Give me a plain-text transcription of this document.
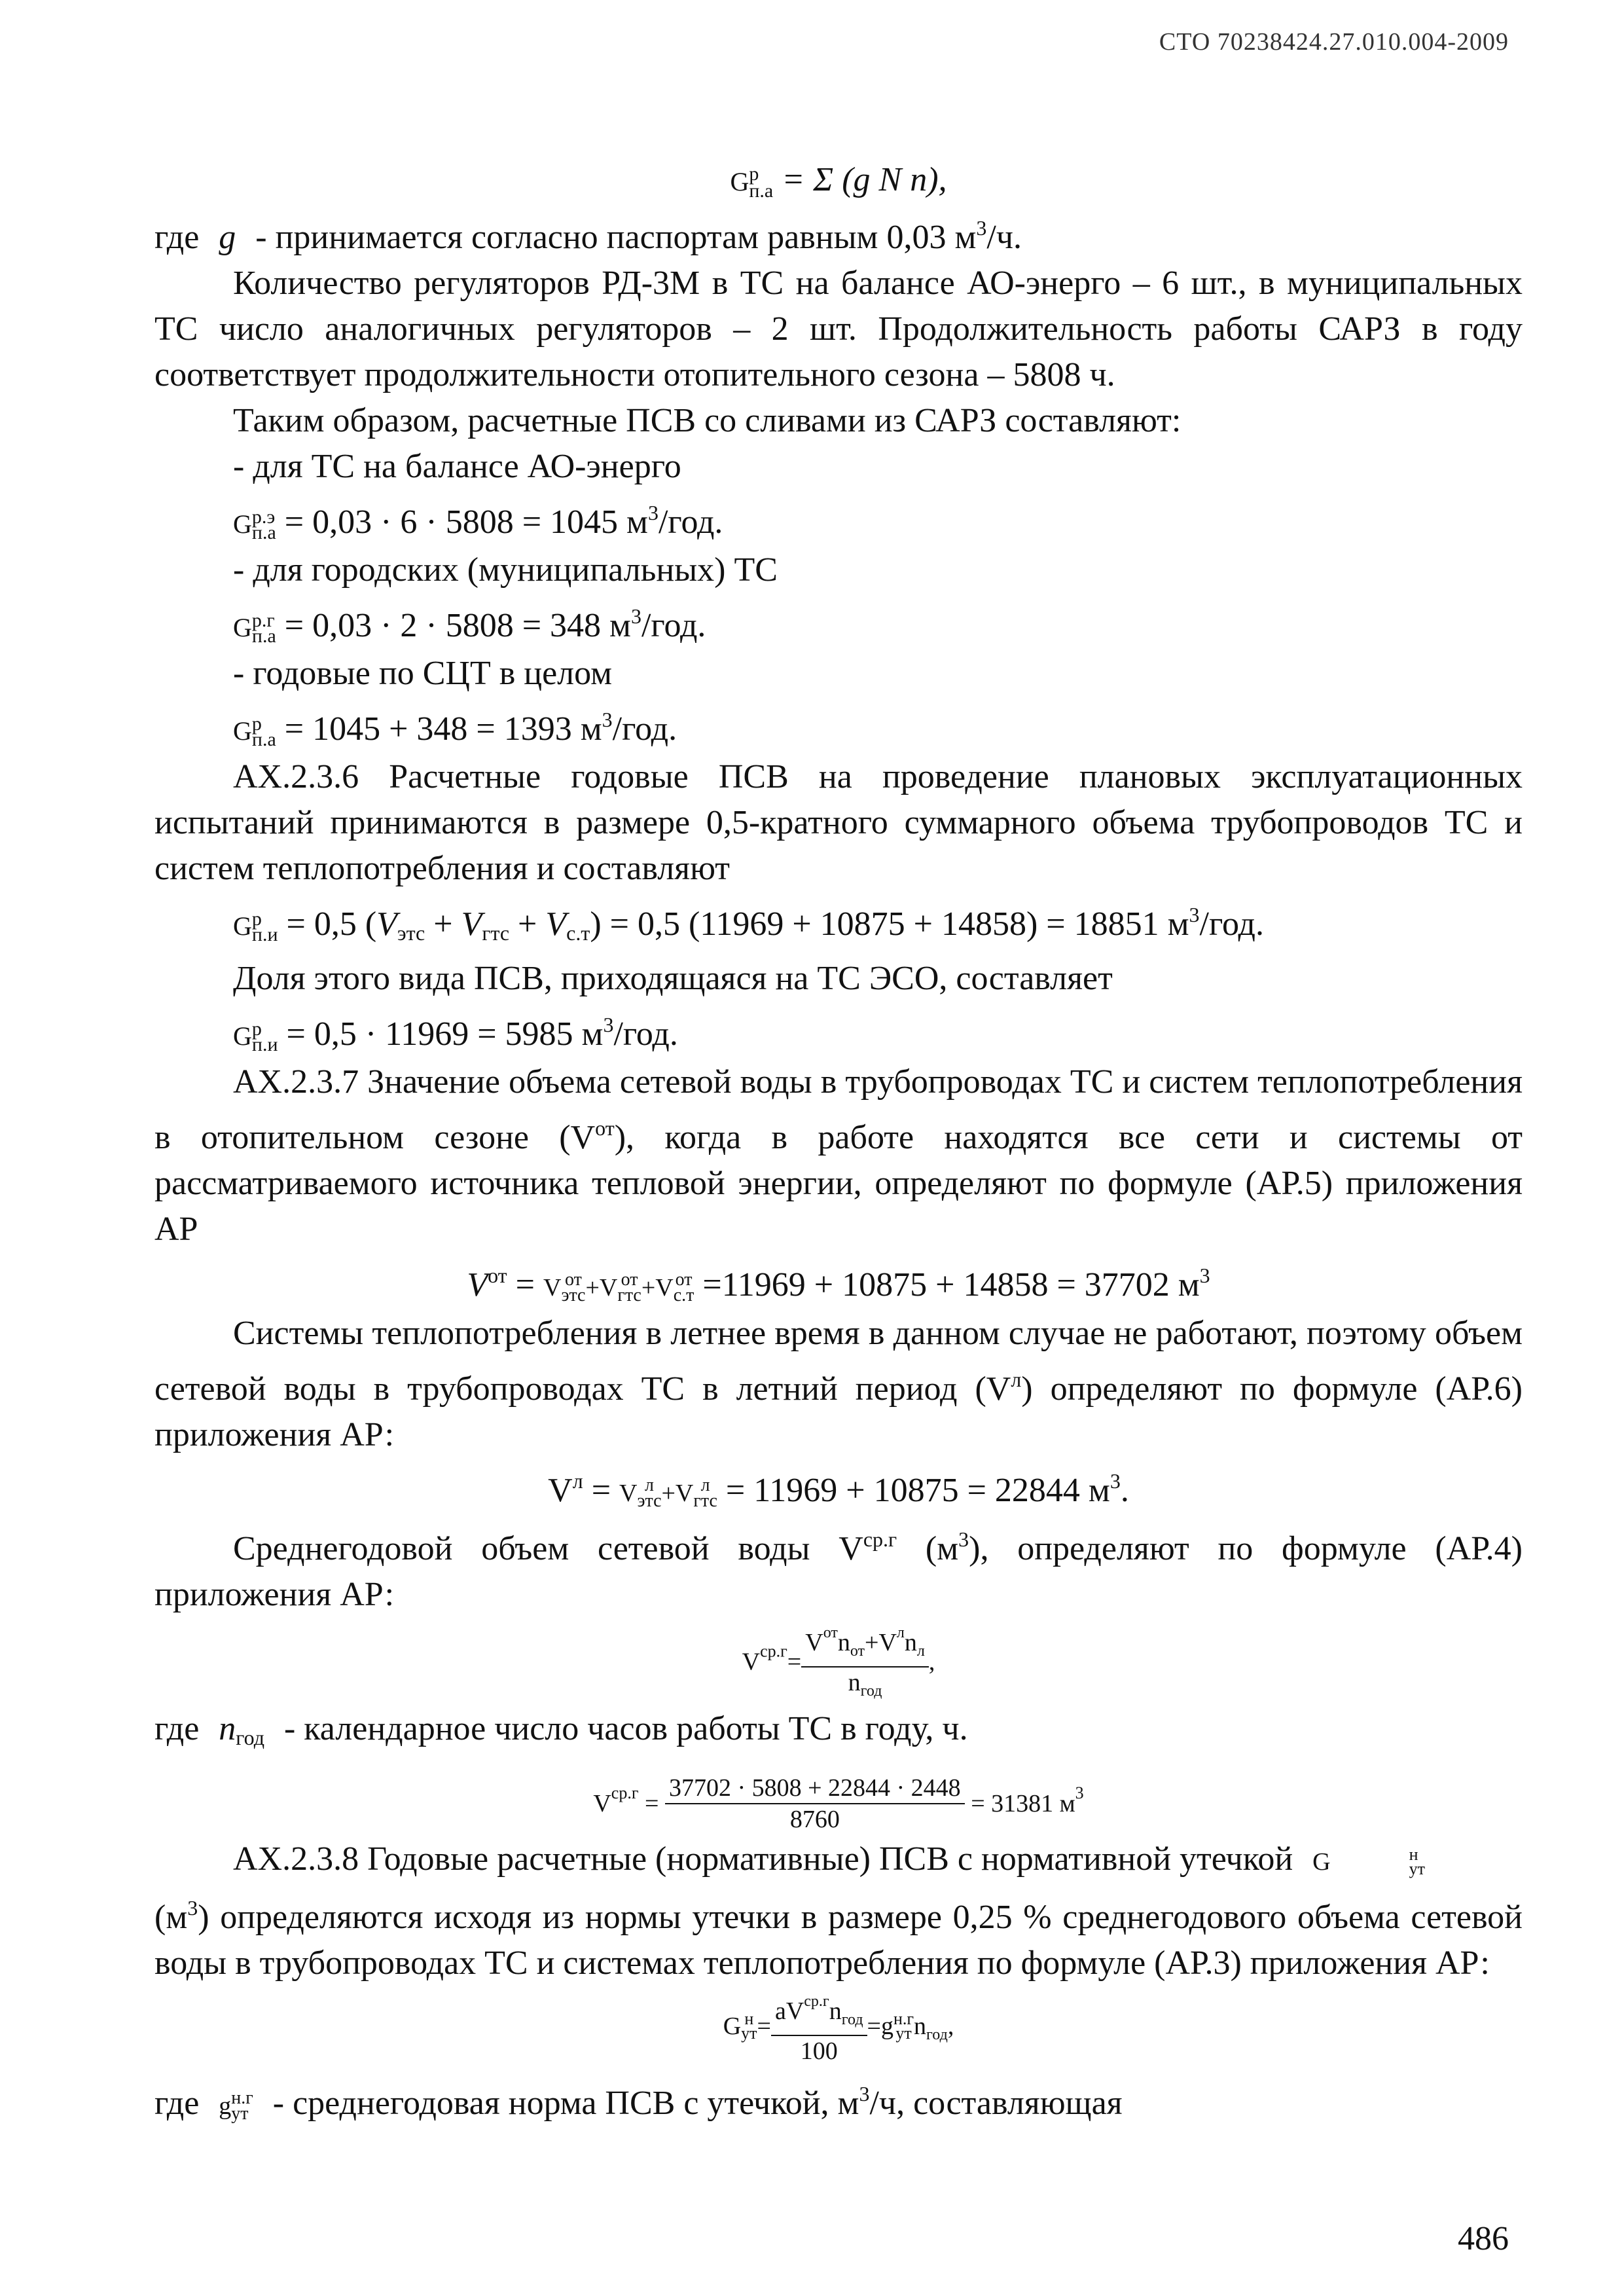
СТО 70238424.27.010.004-2009

G р
п.а = Σ (g N n),

где g - принимается согласно паспортам равным 0,03 $м^3/ч$.

Количество регуляторов РД-3М в ТС на балансе АО-энерго – 6 шт., в муниципальных ТС число аналогичных регуляторов – 2 шт. Продолжительность работы САРЗ в году соответствует продолжительности отопительного сезона – 5808 ч.

Таким образом, расчетные ПСВ со сливами из САРЗ составляют:

- для ТС на балансе АО-энерго

G р.э
п.а = 0,03 · 6 · 5808 = 1045 $м^3$/год.

- для городских (муниципальных) ТС

G р.г
п.а = 0,03 · 2 · 5808 = 348 $м^3$/год.

- годовые по СЦТ в целом

G р
п.а = 1045 + 348 = 1393 $м^3$/год.

АХ.2.3.6 Расчетные годовые ПСВ на проведение плановых эксплуатационных испытаний принимаются в размере 0,5-кратного суммарного объема трубопроводов ТС и систем теплопотребления и составляют

G р
п.и = 0,5 $(V_{этс} + V_{гтс} + V_{с.т}) = 0,5$ (11969 + 10875 + 14858) = 18851 $м^3$/год.

Доля этого вида ПСВ, приходящаяся на ТС ЭСО, составляет

G р
п.и = 0,5 · 11969 = 5985 $м^3$/год.

АХ.2.3.7 Значение объема сетевой воды в трубопроводах ТС и систем теплопотребления в отопительном сезоне $(V^{от})$, когда в работе находятся все сети и системы от рассматриваемого источника тепловой энергии, определяют по формуле (АР.5) приложения АР

$V^{от} = V$ от
этс +V от
гтс +V от
с.т =11969 + 10875 + 14858 = 37702 $м^3$

Системы теплопотребления в летнее время в данном случае не работают, поэтому объем сетевой воды в трубопроводах ТС в летний период $(V^л)$ определяют по формуле (АР.6) приложения АР:

$V^л = V$ л
этс +V л
гтс = 11969 + 10875 = 22844 $м^3$.

Среднегодовой объем сетевой воды $V^{ср.г}$ $(м^3)$, определяют по формуле (АР.4) приложения АР:

$V^{ср.г}= \frac{V^{от}n_{от}+V^лn_л}{n_{год}}$ ,

где $n_{год}$ - календарное число часов работы ТС в году, ч.

$V^{ср.г} = \frac{37702 \cdot 5808 + 22844 \cdot 2448}{8760} = 31381$ $м^3$

АХ.2.3.8 Годовые расчетные (нормативные) ПСВ с нормативной утечкой G	н
ут

$(м^3)$ определяются исходя из нормы утечки в размере 0,25 % среднегодового объема сетевой воды в трубопроводах ТС и системах теплопотребления по формуле (АР.3) приложения АР:

G н
ут = $\frac{aV^{ср.г}n_{год}}{100} =g$ н.г
ут $n_{год}$,

где g н.г
ут - среднегодовая норма ПСВ с утечкой, $м^3/ч$, составляющая

486
